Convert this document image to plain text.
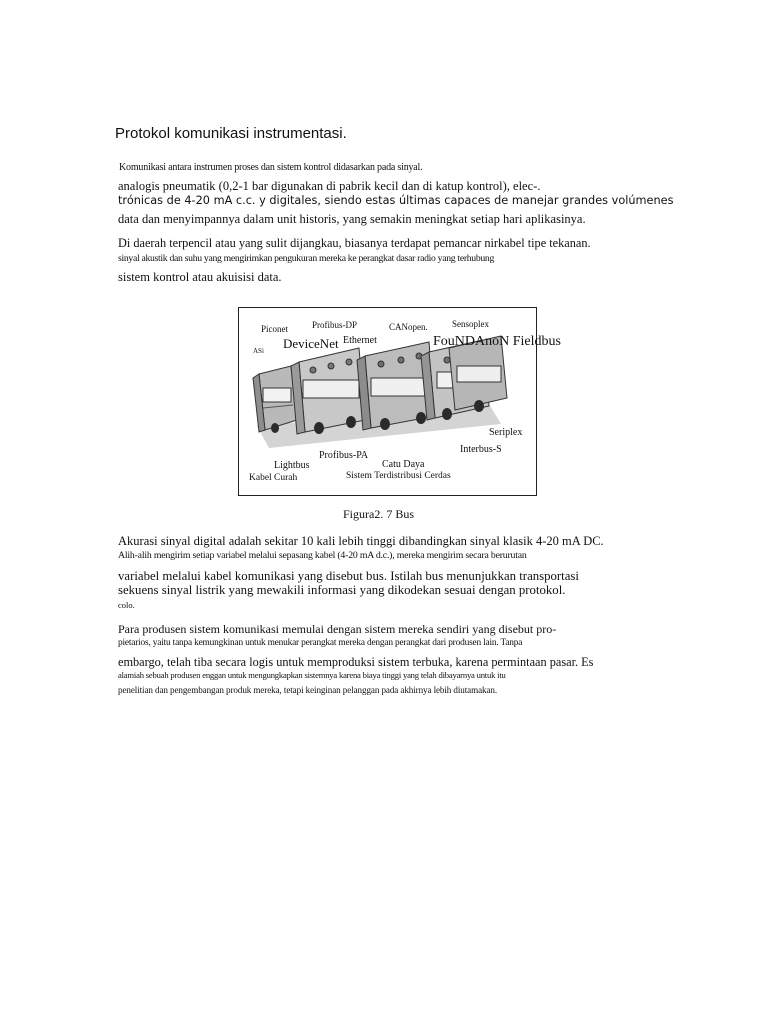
Protokol komunikasi instrumentasi.
Komunikasi antara instrumen proses dan sistem kontrol didasarkan pada sinyal.
analogis pneumatik (0,2-1 bar digunakan di pabrik kecil dan di katup kontrol), elec-.
trónicas de 4-20 mA c.c. y digitales, siendo estas últimas capaces de manejar grandes volúmenes
data dan menyimpannya dalam unit historis, yang semakin meningkat setiap hari aplikasinya.
Di daerah terpencil atau yang sulit dijangkau, biasanya terdapat pemancar nirkabel tipe tekanan.
sinyal akustik dan suhu yang mengirimkan pengukuran mereka ke perangkat dasar radio yang terhubung
sistem kontrol atau akuisisi data.
Piconet	Profibus-DP	CANopen.	Sensoplex
ASi DeviceNet Ethernet	FouNDAnoN Fieldbus
Seriplex
Interbus-S
Profibus-PA
Catu Daya
Lightbus
Sistem Terdistribusi Cerdas
Kabel Curah
Figura2. 7 Bus
Akurasi sinyal digital adalah sekitar 10 kali lebih tinggi dibandingkan sinyal klasik 4-20 mA DC.
Alih-alih mengirim setiap variabel melalui sepasang kabel (4-20 mA d.c.), mereka mengirim secara berurutan
variabel melalui kabel komunikasi yang disebut bus. Istilah bus menunjukkan transportasi
sekuens sinyal listrik yang mewakili informasi yang dikodekan sesuai dengan protokol.
colo.
Para produsen sistem komunikasi memulai dengan sistem mereka sendiri yang disebut pro-
pietarios, yaitu tanpa kemungkinan untuk menukar perangkat mereka dengan perangkat dari produsen lain. Tanpa
embargo, telah tiba secara logis untuk memproduksi sistem terbuka, karena permintaan pasar. Es
alamiah sebuah produsen enggan untuk mengungkapkan sistemnya karena biaya tinggi yang telah dibayarnya untuk itu
penelitian dan pengembangan produk mereka, tetapi keinginan pelanggan pada akhirnya lebih diutamakan.
